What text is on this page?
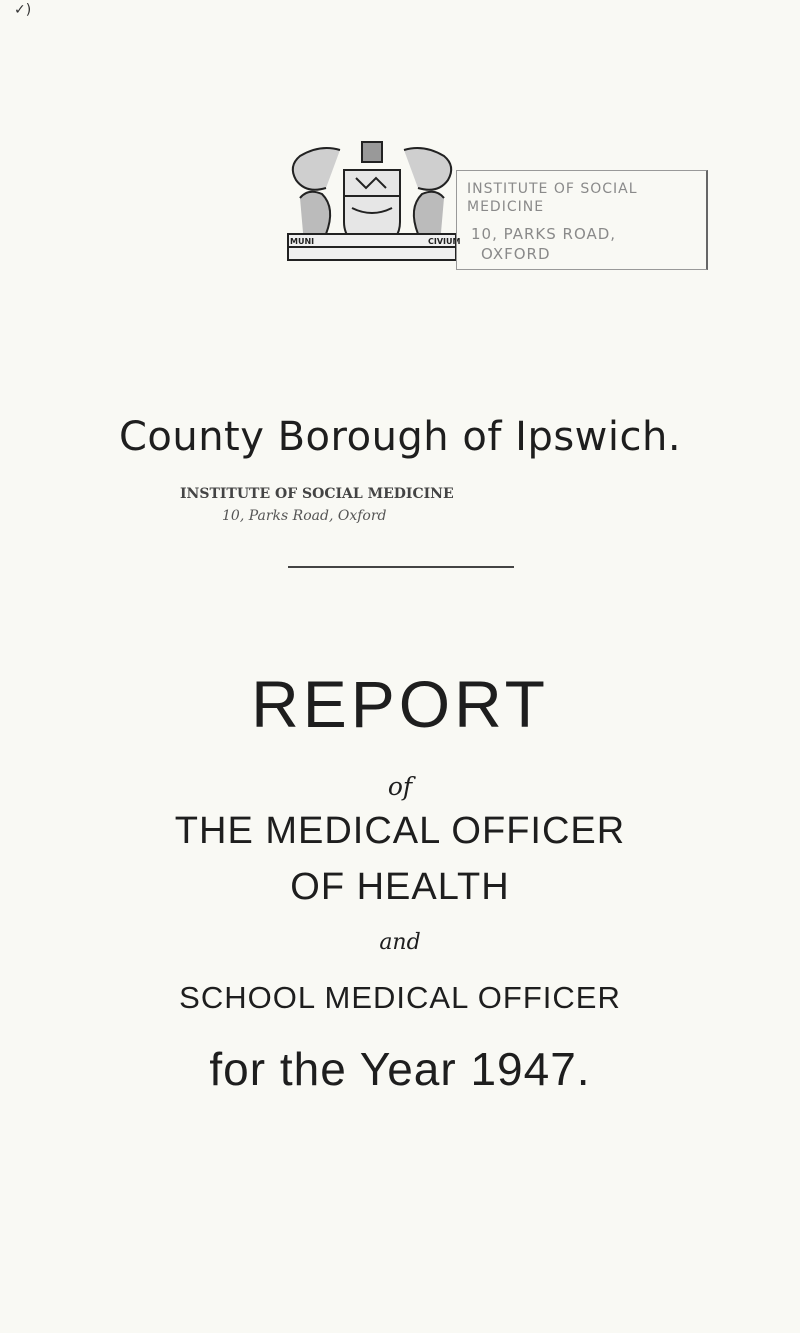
✓)
MUNI	CIVIUM
INSTITUTE OF SOCIAL
MEDICINE
10, PARKS ROAD,
OXFORD
County Borough of Ipswich.
INSTITUTE OF SOCIAL MEDICINE
10, Parks Road, Oxford
REPORT
of
THE MEDICAL OFFICER
OF HEALTH
and
SCHOOL MEDICAL OFFICER
for the Year 1947.
